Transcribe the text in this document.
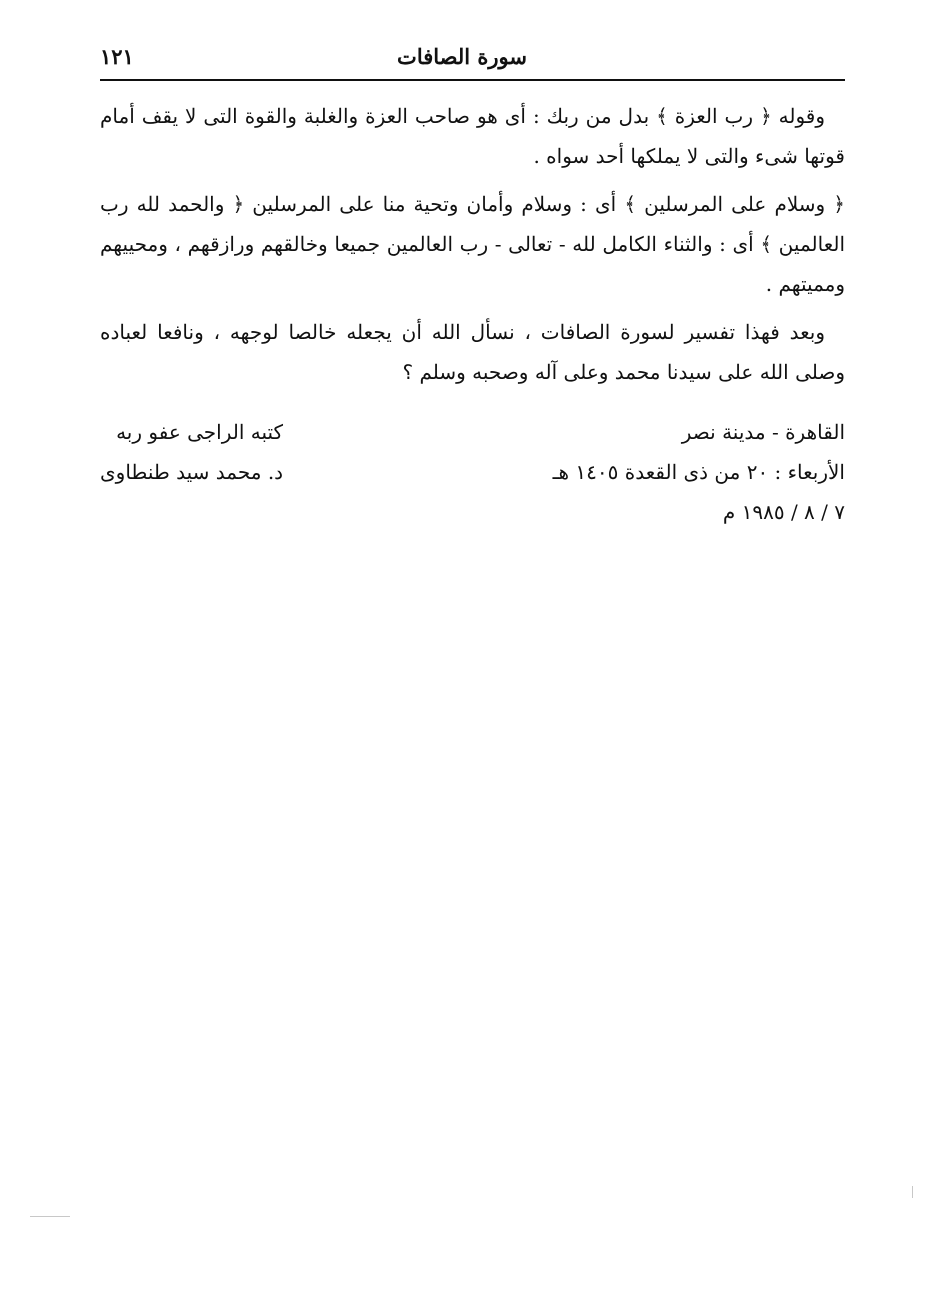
سورة الصافات
١٢١

وقوله ﴿ رب العزة ﴾ بدل من ربك : أى هو صاحب العزة والغلبة والقوة التى لا يقف أمام قوتها شىء والتى لا يملكها أحد سواه .

﴿ وسلام على المرسلين ﴾ أى : وسلام وأمان وتحية منا على المرسلين ﴿ والحمد لله رب العالمين ﴾ أى : والثناء الكامل لله - تعالى - رب العالمين جميعا وخالقهم ورازقهم ، ومحييهم ومميتهم .

وبعد فهذا تفسير لسورة الصافات ، نسأل الله أن يجعله خالصا لوجهه ، ونافعا لعباده وصلى الله على سيدنا محمد وعلى آله وصحبه وسلم ؟

القاهرة - مدينة نصر
الأربعاء : ٢٠ من ذى القعدة ١٤٠٥ هـ
٧ / ٨ / ١٩٨٥ م
كتبه الراجى عفو ربه
د. محمد سيد طنطاوى
